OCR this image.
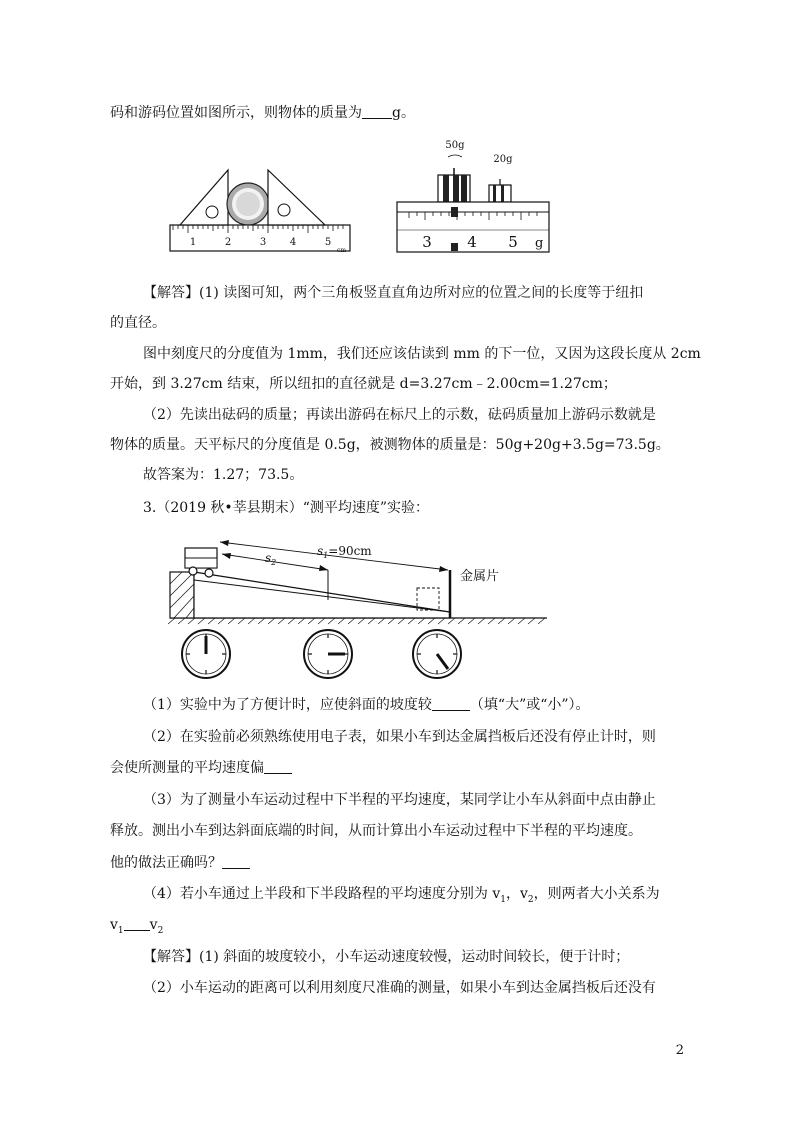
码和游码位置如图所示，则物体的质量为 g。
1	2	3 4	5
cm
50g
20g
3 4 5 g
【解答】(1) 读图可知，两个三角板竖直直角边所对应的位置之间的长度等于纽扣
的直径。
图中刻度尺的分度值为 1mm，我们还应该估读到 mm 的下一位，又因为这段长度从 2cm
开始，到 3.27cm 结束，所以纽扣的直径就是 d=3.27cm﹣2.00cm=1.27cm；
（2）先读出砝码的质量；再读出游码在标尺上的示数，砝码质量加上游码示数就是
物体的质量。天平标尺的分度值是 0.5g，被测物体的质量是：50g+20g+3.5g=73.5g。
故答案为：1.27；73.5。
3.（2019 秋•莘县期末）“测平均速度”实验：
金属片
$s_1=90cm$
$s_2$
（1）实验中为了方便计时，应使斜面的坡度较	（填“大”或“小”）。
（2）在实验前必须熟练使用电子表，如果小车到达金属挡板后还没有停止计时，则
会使所测量的平均速度偏
（3）为了测量小车运动过程中下半程的平均速度，某同学让小车从斜面中点由静止
释放。测出小车到达斜面底端的时间，从而计算出小车运动过程中下半程的平均速度。
他的做法正确吗？
（4）若小车通过上半段和下半段路程的平均速度分别为 $v_1$，$v_2$，则两者大小关系为
$v_1$ $v_2$
【解答】(1) 斜面的坡度较小，小车运动速度较慢，运动时间较长，便于计时；
（2）小车运动的距离可以利用刻度尺准确的测量，如果小车到达金属挡板后还没有
2
